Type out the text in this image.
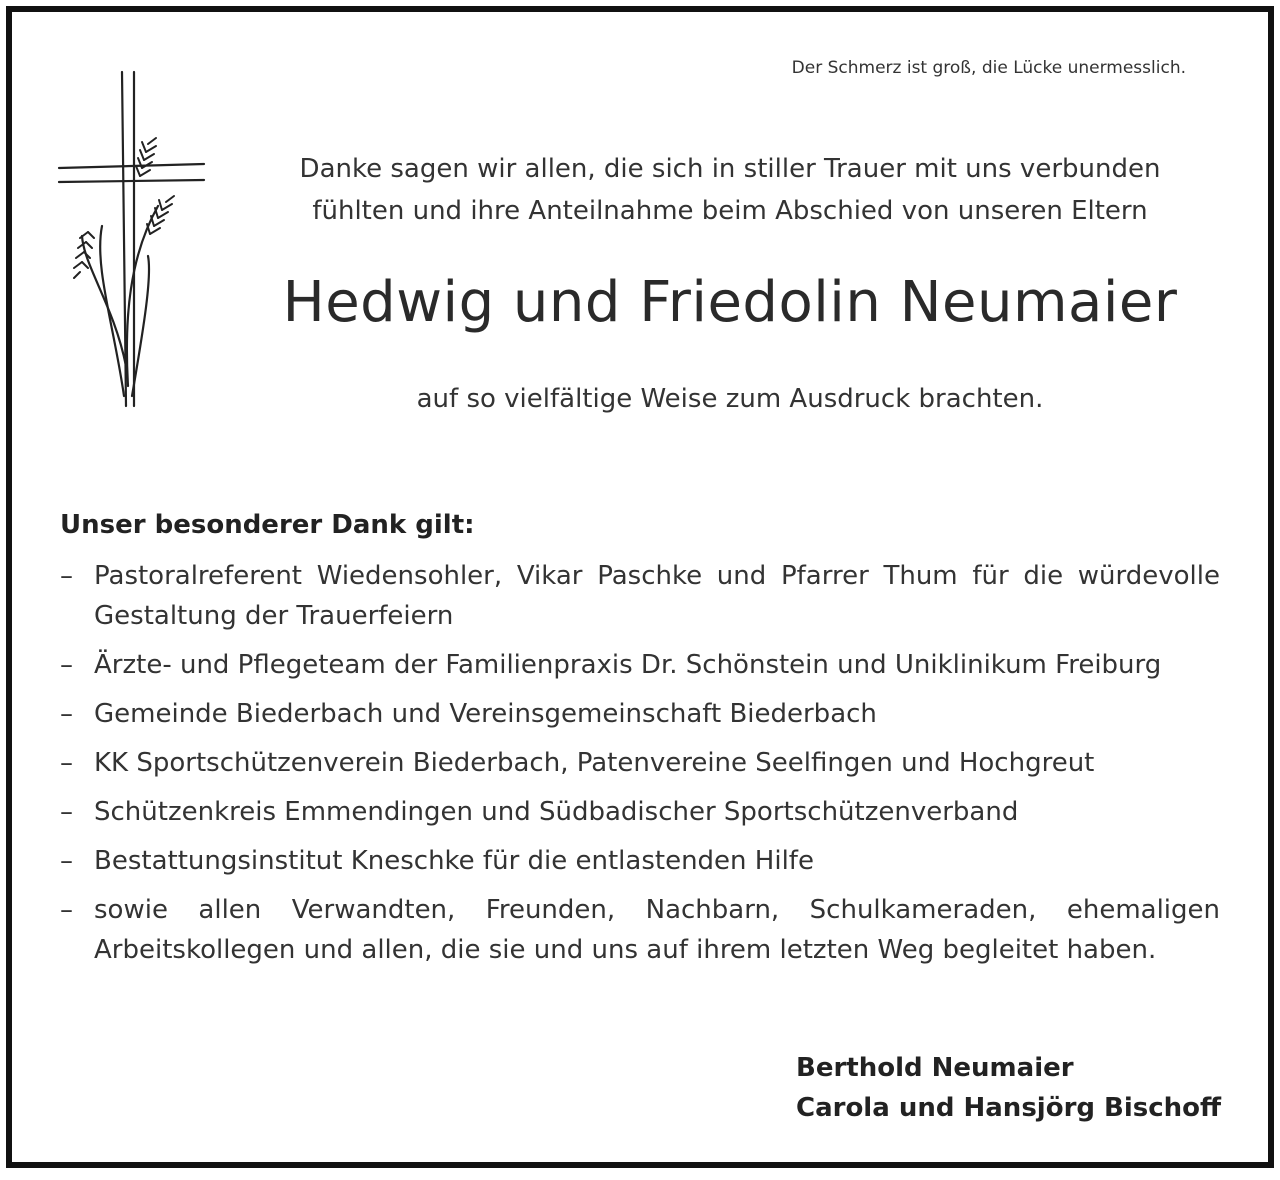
Der Schmerz ist groß, die Lücke unermesslich.
Danke sagen wir allen, die sich in stiller Trauer mit uns verbunden
fühlten und ihre Anteilnahme beim Abschied von unseren Eltern
Hedwig und Friedolin Neumaier
auf so vielfältige Weise zum Ausdruck brachten.
Unser besonderer Dank gilt:
– Pastoralreferent Wiedensohler, Vikar Paschke und Pfarrer Thum für die würdevolle Gestaltung der Trauerfeiern
– Ärzte- und Pflegeteam der Familienpraxis Dr. Schönstein und Uniklinikum Freiburg
– Gemeinde Biederbach und Vereinsgemeinschaft Biederbach
– KK Sportschützenverein Biederbach, Patenvereine Seelfingen und Hochgreut
– Schützenkreis Emmendingen und Südbadischer Sportschützenverband
– Bestattungsinstitut Kneschke für die entlastenden Hilfe
– sowie allen Verwandten, Freunden, Nachbarn, Schulkameraden, ehemaligen Arbeitskollegen und allen, die sie und uns auf ihrem letzten Weg begleitet haben.
Berthold Neumaier
Carola und Hansjörg Bischoff
